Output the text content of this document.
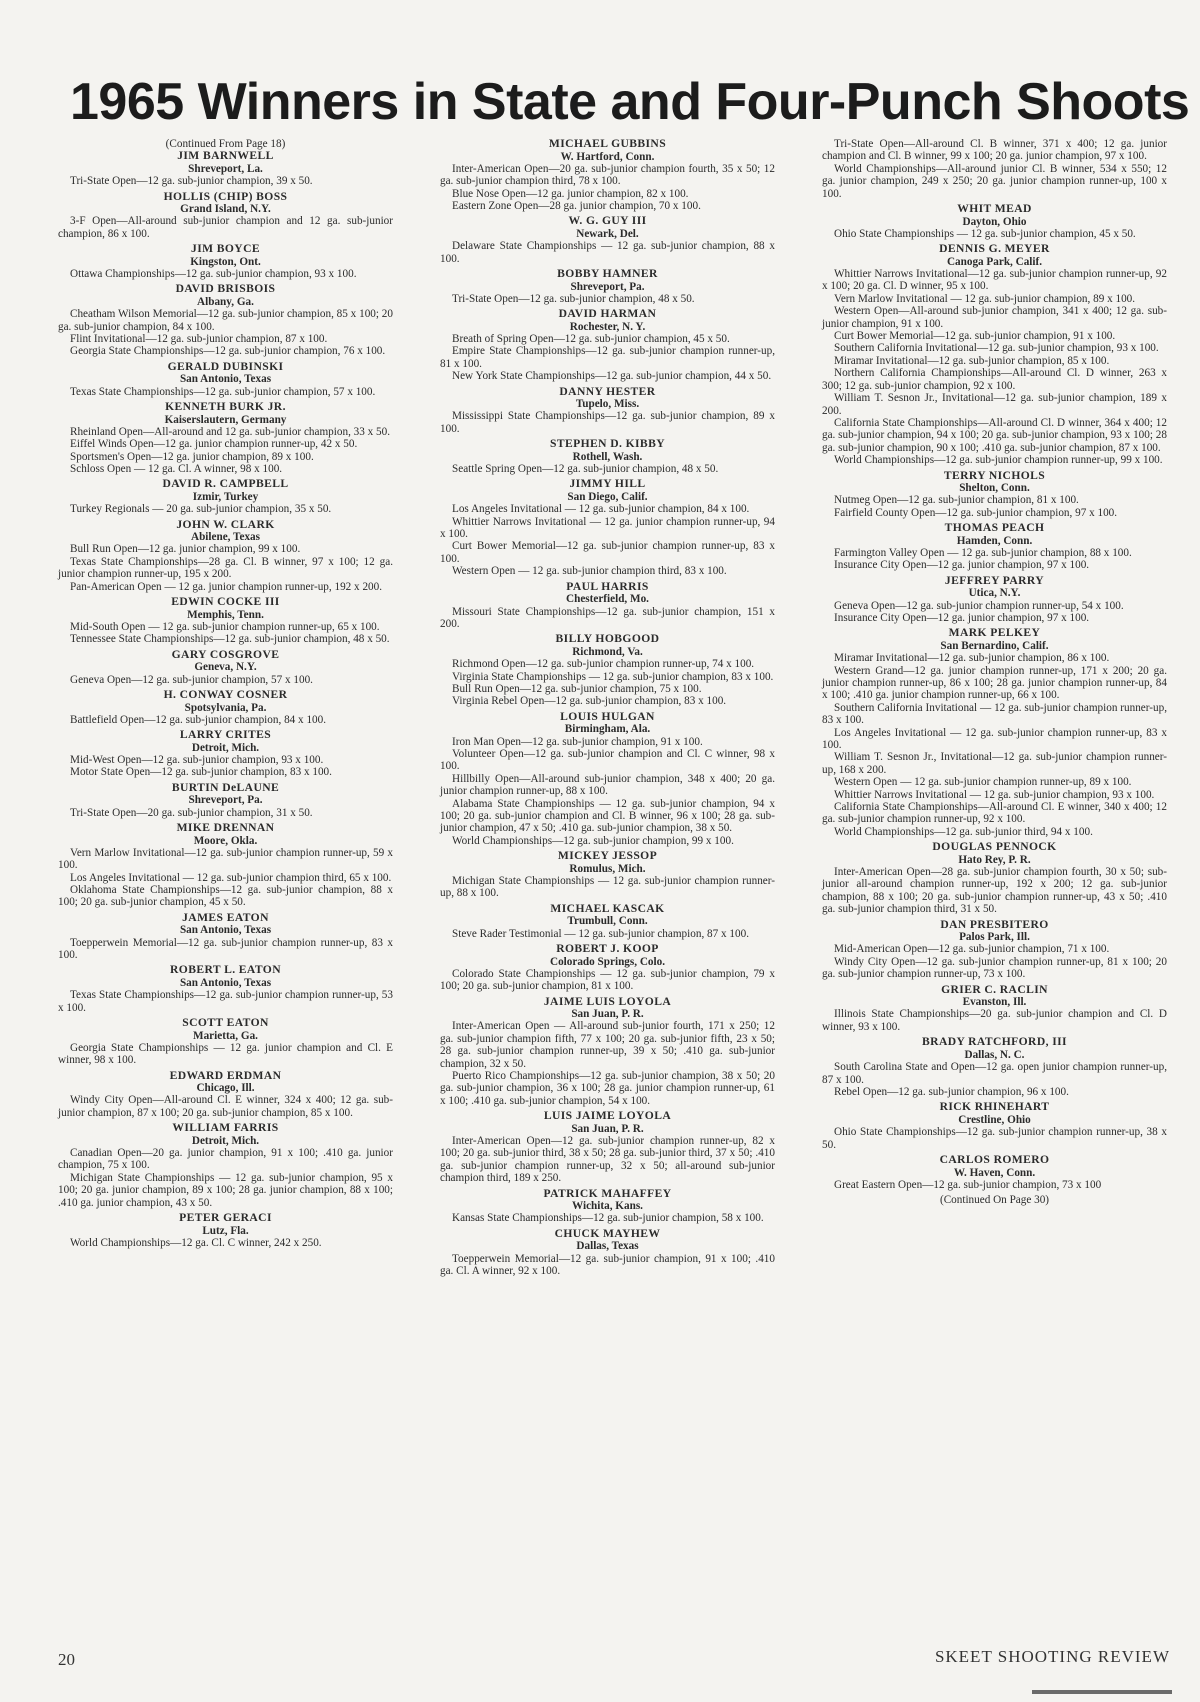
1965 Winners in State and Four-Punch Shoots

(Continued From Page 18)

JIM BARNWELL

Shreveport, La.

Tri-State Open—12 ga. sub-junior champion, 39 x 50.

HOLLIS (CHIP) BOSS

Grand Island, N.Y.

3-F Open—All-around sub-junior champion and 12 ga. sub-junior champion, 86 x 100.

JIM BOYCE

Kingston, Ont.

Ottawa Championships—12 ga. sub-junior champion, 93 x 100.

DAVID BRISBOIS

Albany, Ga.

Cheatham Wilson Memorial—12 ga. sub-junior champion, 85 x 100; 20 ga. sub-junior champion, 84 x 100.

Flint Invitational—12 ga. sub-junior champion, 87 x 100.

Georgia State Championships—12 ga. sub-junior champion, 76 x 100.

GERALD DUBINSKI

San Antonio, Texas

Texas State Championships—12 ga. sub-junior champion, 57 x 100.

KENNETH BURK JR.

Kaiserslautern, Germany

Rheinland Open—All-around and 12 ga. sub-junior champion, 33 x 50.

Eiffel Winds Open—12 ga. junior champion runner-up, 42 x 50.

Sportsmen's Open—12 ga. junior champion, 89 x 100.

Schloss Open — 12 ga. Cl. A winner, 98 x 100.

DAVID R. CAMPBELL

Izmir, Turkey

Turkey Regionals — 20 ga. sub-junior champion, 35 x 50.

JOHN W. CLARK

Abilene, Texas

Bull Run Open—12 ga. junior champion, 99 x 100.

Texas State Championships—28 ga. Cl. B winner, 97 x 100; 12 ga. junior champion runner-up, 195 x 200.

Pan-American Open — 12 ga. junior champion runner-up, 192 x 200.

EDWIN COCKE III

Memphis, Tenn.

Mid-South Open — 12 ga. sub-junior champion runner-up, 65 x 100.

Tennessee State Championships—12 ga. sub-junior champion, 48 x 50.

GARY COSGROVE

Geneva, N.Y.

Geneva Open—12 ga. sub-junior champion, 57 x 100.

H. CONWAY COSNER

Spotsylvania, Pa.

Battlefield Open—12 ga. sub-junior champion, 84 x 100.

LARRY CRITES

Detroit, Mich.

Mid-West Open—12 ga. sub-junior champion, 93 x 100.

Motor State Open—12 ga. sub-junior champion, 83 x 100.

BURTIN DeLAUNE

Shreveport, Pa.

Tri-State Open—20 ga. sub-junior champion, 31 x 50.

MIKE DRENNAN

Moore, Okla.

Vern Marlow Invitational—12 ga. sub-junior champion runner-up, 59 x 100.

Los Angeles Invitational — 12 ga. sub-junior champion third, 65 x 100.

Oklahoma State Championships—12 ga. sub-junior champion, 88 x 100; 20 ga. sub-junior champion, 45 x 50.

JAMES EATON

San Antonio, Texas

Toepperwein Memorial—12 ga. sub-junior champion runner-up, 83 x 100.

ROBERT L. EATON

San Antonio, Texas

Texas State Championships—12 ga. sub-junior champion runner-up, 53 x 100.

SCOTT EATON

Marietta, Ga.

Georgia State Championships — 12 ga. junior champion and Cl. E winner, 98 x 100.

EDWARD ERDMAN

Chicago, Ill.

Windy City Open—All-around Cl. E winner, 324 x 400; 12 ga. sub-junior champion, 87 x 100; 20 ga. sub-junior champion, 85 x 100.

WILLIAM FARRIS

Detroit, Mich.

Canadian Open—20 ga. junior champion, 91 x 100; .410 ga. junior champion, 75 x 100.

Michigan State Championships — 12 ga. sub-junior champion, 95 x 100; 20 ga. junior champion, 89 x 100; 28 ga. junior champion, 88 x 100; .410 ga. junior champion, 43 x 50.

PETER GERACI

Lutz, Fla.

World Championships—12 ga. Cl. C winner, 242 x 250.

MICHAEL GUBBINS

W. Hartford, Conn.

Inter-American Open—20 ga. sub-junior champion fourth, 35 x 50; 12 ga. sub-junior champion third, 78 x 100.

Blue Nose Open—12 ga. junior champion, 82 x 100.

Eastern Zone Open—28 ga. junior champion, 70 x 100.

W. G. GUY III

Newark, Del.

Delaware State Championships — 12 ga. sub-junior champion, 88 x 100.

BOBBY HAMNER

Shreveport, Pa.

Tri-State Open—12 ga. sub-junior champion, 48 x 50.

DAVID HARMAN

Rochester, N. Y.

Breath of Spring Open—12 ga. sub-junior champion, 45 x 50.

Empire State Championships—12 ga. sub-junior champion runner-up, 81 x 100.

New York State Championships—12 ga. sub-junior champion, 44 x 50.

DANNY HESTER

Tupelo, Miss.

Mississippi State Championships—12 ga. sub-junior champion, 89 x 100.

STEPHEN D. KIBBY

Rothell, Wash.

Seattle Spring Open—12 ga. sub-junior champion, 48 x 50.

JIMMY HILL

San Diego, Calif.

Los Angeles Invitational — 12 ga. sub-junior champion, 84 x 100.

Whittier Narrows Invitational — 12 ga. junior champion runner-up, 94 x 100.

Curt Bower Memorial—12 ga. sub-junior champion runner-up, 83 x 100.

Western Open — 12 ga. sub-junior champion third, 83 x 100.

PAUL HARRIS

Chesterfield, Mo.

Missouri State Championships—12 ga. sub-junior champion, 151 x 200.

BILLY HOBGOOD

Richmond, Va.

Richmond Open—12 ga. sub-junior champion runner-up, 74 x 100.

Virginia State Championships — 12 ga. sub-junior champion, 83 x 100.

Bull Run Open—12 ga. sub-junior champion, 75 x 100.

Virginia Rebel Open—12 ga. sub-junior champion, 83 x 100.

LOUIS HULGAN

Birmingham, Ala.

Iron Man Open—12 ga. sub-junior champion, 91 x 100.

Volunteer Open—12 ga. sub-junior champion and Cl. C winner, 98 x 100.

Hillbilly Open—All-around sub-junior champion, 348 x 400; 20 ga. junior champion runner-up, 88 x 100.

Alabama State Championships — 12 ga. sub-junior champion, 94 x 100; 20 ga. sub-junior champion and Cl. B winner, 96 x 100; 28 ga. sub-junior champion, 47 x 50; .410 ga. sub-junior champion, 38 x 50.

World Championships—12 ga. sub-junior champion, 99 x 100.

MICKEY JESSOP

Romulus, Mich.

Michigan State Championships — 12 ga. sub-junior champion runner-up, 88 x 100.

MICHAEL KASCAK

Trumbull, Conn.

Steve Rader Testimonial — 12 ga. sub-junior champion, 87 x 100.

ROBERT J. KOOP

Colorado Springs, Colo.

Colorado State Championships — 12 ga. sub-junior champion, 79 x 100; 20 ga. sub-junior champion, 81 x 100.

JAIME LUIS LOYOLA

San Juan, P. R.

Inter-American Open — All-around sub-junior fourth, 171 x 250; 12 ga. sub-junior champion fifth, 77 x 100; 20 ga. sub-junior fifth, 23 x 50; 28 ga. sub-junior champion runner-up, 39 x 50; .410 ga. sub-junior champion, 32 x 50.

Puerto Rico Championships—12 ga. sub-junior champion, 38 x 50; 20 ga. sub-junior champion, 36 x 100; 28 ga. junior champion runner-up, 61 x 100; .410 ga. sub-junior champion, 54 x 100.

LUIS JAIME LOYOLA

San Juan, P. R.

Inter-American Open—12 ga. sub-junior champion runner-up, 82 x 100; 20 ga. sub-junior third, 38 x 50; 28 ga. sub-junior third, 37 x 50; .410 ga. sub-junior champion runner-up, 32 x 50; all-around sub-junior champion third, 189 x 250.

PATRICK MAHAFFEY

Wichita, Kans.

Kansas State Championships—12 ga. sub-junior champion, 58 x 100.

CHUCK MAYHEW

Dallas, Texas

Toepperwein Memorial—12 ga. sub-junior champion, 91 x 100; .410 ga. Cl. A winner, 92 x 100.

Tri-State Open—All-around Cl. B winner, 371 x 400; 12 ga. junior champion and Cl. B winner, 99 x 100; 20 ga. junior champion, 97 x 100.

World Championships—All-around junior Cl. B winner, 534 x 550; 12 ga. junior champion, 249 x 250; 20 ga. junior champion runner-up, 100 x 100.

WHIT MEAD

Dayton, Ohio

Ohio State Championships — 12 ga. sub-junior champion, 45 x 50.

DENNIS G. MEYER

Canoga Park, Calif.

Whittier Narrows Invitational—12 ga. sub-junior champion runner-up, 92 x 100; 20 ga. Cl. D winner, 95 x 100.

Vern Marlow Invitational — 12 ga. sub-junior champion, 89 x 100.

Western Open—All-around sub-junior champion, 341 x 400; 12 ga. sub-junior champion, 91 x 100.

Curt Bower Memorial—12 ga. sub-junior champion, 91 x 100.

Southern California Invitational—12 ga. sub-junior champion, 93 x 100.

Miramar Invitational—12 ga. sub-junior champion, 85 x 100.

Northern California Championships—All-around Cl. D winner, 263 x 300; 12 ga. sub-junior champion, 92 x 100.

William T. Sesnon Jr., Invitational—12 ga. sub-junior champion, 189 x 200.

California State Championships—All-around Cl. D winner, 364 x 400; 12 ga. sub-junior champion, 94 x 100; 20 ga. sub-junior champion, 93 x 100; 28 ga. sub-junior champion, 90 x 100; .410 ga. sub-junior champion, 87 x 100.

World Championships—12 ga. sub-junior champion runner-up, 99 x 100.

TERRY NICHOLS

Shelton, Conn.

Nutmeg Open—12 ga. sub-junior champion, 81 x 100.

Fairfield County Open—12 ga. sub-junior champion, 97 x 100.

THOMAS PEACH

Hamden, Conn.

Farmington Valley Open — 12 ga. sub-junior champion, 88 x 100.

Insurance City Open—12 ga. junior champion, 97 x 100.

JEFFREY PARRY

Utica, N.Y.

Geneva Open—12 ga. sub-junior champion runner-up, 54 x 100.

Insurance City Open—12 ga. junior champion, 97 x 100.

MARK PELKEY

San Bernardino, Calif.

Miramar Invitational—12 ga. sub-junior champion, 86 x 100.

Western Grand—12 ga. junior champion runner-up, 171 x 200; 20 ga. junior champion runner-up, 86 x 100; 28 ga. junior champion runner-up, 84 x 100; .410 ga. junior champion runner-up, 66 x 100.

Southern California Invitational — 12 ga. sub-junior champion runner-up, 83 x 100.

Los Angeles Invitational — 12 ga. sub-junior champion runner-up, 83 x 100.

William T. Sesnon Jr., Invitational—12 ga. sub-junior champion runner-up, 168 x 200.

Western Open — 12 ga. sub-junior champion runner-up, 89 x 100.

Whittier Narrows Invitational — 12 ga. sub-junior champion, 93 x 100.

California State Championships—All-around Cl. E winner, 340 x 400; 12 ga. sub-junior champion runner-up, 92 x 100.

World Championships—12 ga. sub-junior third, 94 x 100.

DOUGLAS PENNOCK

Hato Rey, P. R.

Inter-American Open—28 ga. sub-junior champion fourth, 30 x 50; sub-junior all-around champion runner-up, 192 x 200; 12 ga. sub-junior champion, 88 x 100; 20 ga. sub-junior champion runner-up, 43 x 50; .410 ga. sub-junior champion third, 31 x 50.

DAN PRESBITERO

Palos Park, Ill.

Mid-American Open—12 ga. sub-junior champion, 71 x 100.

Windy City Open—12 ga. sub-junior champion runner-up, 81 x 100; 20 ga. sub-junior champion runner-up, 73 x 100.

GRIER C. RACLIN

Evanston, Ill.

Illinois State Championships—20 ga. sub-junior champion and Cl. D winner, 93 x 100.

BRADY RATCHFORD, III

Dallas, N. C.

South Carolina State and Open—12 ga. open junior champion runner-up, 87 x 100.

Rebel Open—12 ga. sub-junior champion, 96 x 100.

RICK RHINEHART

Crestline, Ohio

Ohio State Championships—12 ga. sub-junior champion runner-up, 38 x 50.

CARLOS ROMERO

W. Haven, Conn.

Great Eastern Open—12 ga. sub-junior champion, 73 x 100

(Continued On Page 30)

20	SKEET SHOOTING REVIEW
